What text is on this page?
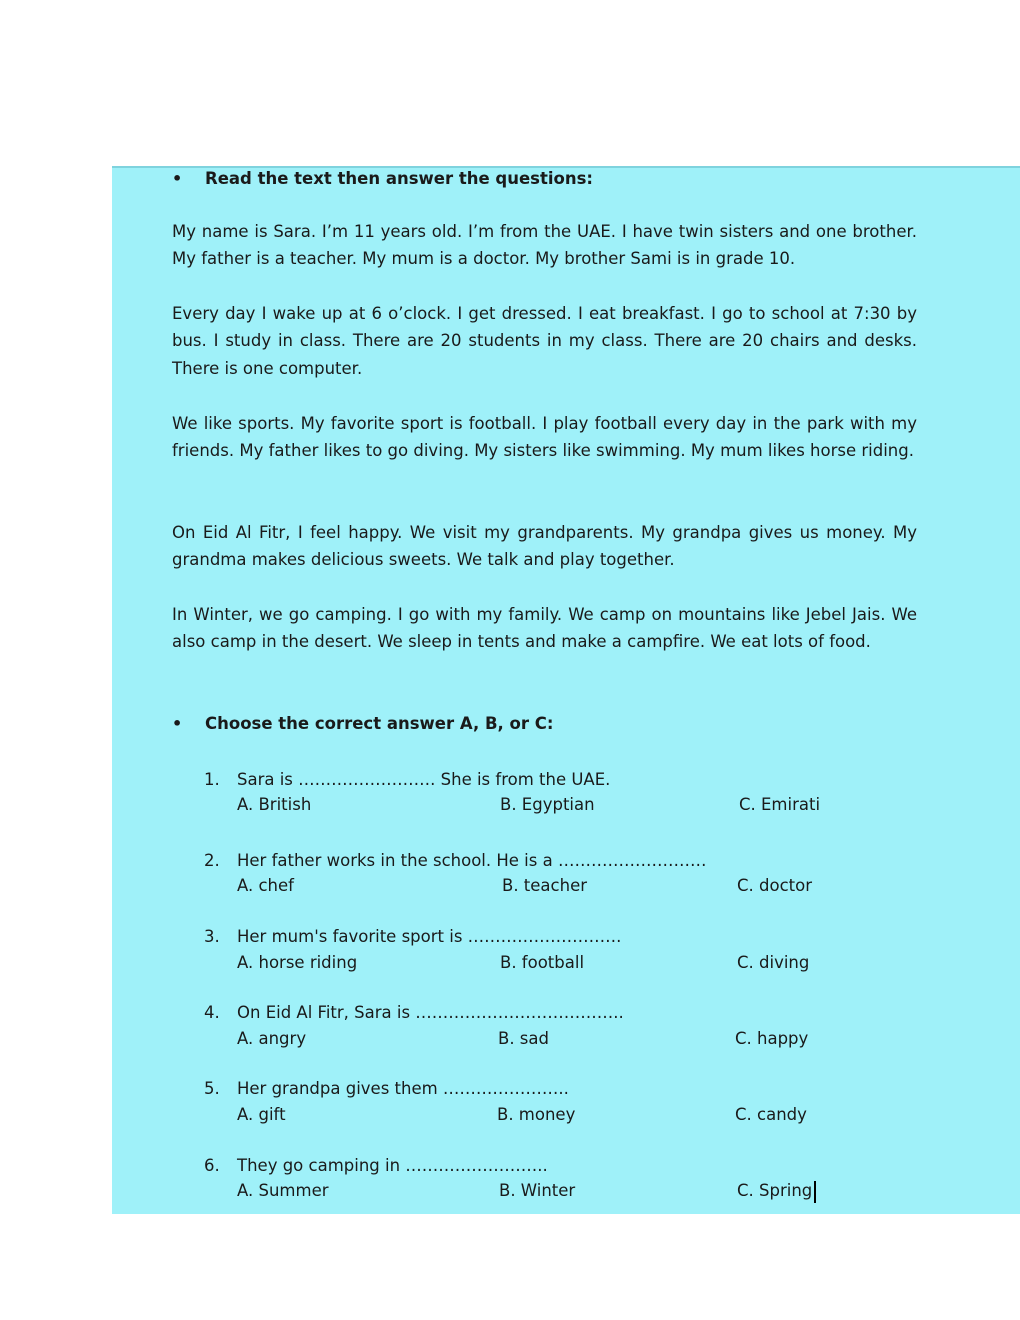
• Read the text then answer the questions:

My name is Sara. I’m 11 years old. I’m from the UAE. I have twin sisters and one brother. My father is a teacher. My mum is a doctor. My brother Sami is in grade 10.

Every day I wake up at 6 o’clock. I get dressed. I eat breakfast. I go to school at 7:30 by bus. I study in class. There are 20 students in my class. There are 20 chairs and desks. There is one computer.

We like sports. My favorite sport is football. I play football every day in the park with my friends. My father likes to go diving. My sisters like swimming. My mum likes horse riding.

On Eid Al Fitr, I feel happy. We visit my grandparents. My grandpa gives us money. My grandma makes delicious sweets. We talk and play together.

In Winter, we go camping. I go with my family. We camp on mountains like Jebel Jais. We also camp in the desert. We sleep in tents and make a campfire. We eat lots of food.

• Choose the correct answer A, B, or C:
1. Sara is ……………………. She is from the UAE.
A. British	B. Egyptian	C. Emirati
2. Her father works in the school. He is a ………………………
A. chef	B. teacher	C. doctor
3. Her mum's favorite sport is ……………………….
A. horse riding	B. football	C. diving
4. On Eid Al Fitr, Sara is ………………………………..
A. angry	B. sad	C. happy
5. Her grandpa gives them …………………..
A. gift	B. money	C. candy
6. They go camping in ……………………..
A. Summer	B. Winter	C. Spring
